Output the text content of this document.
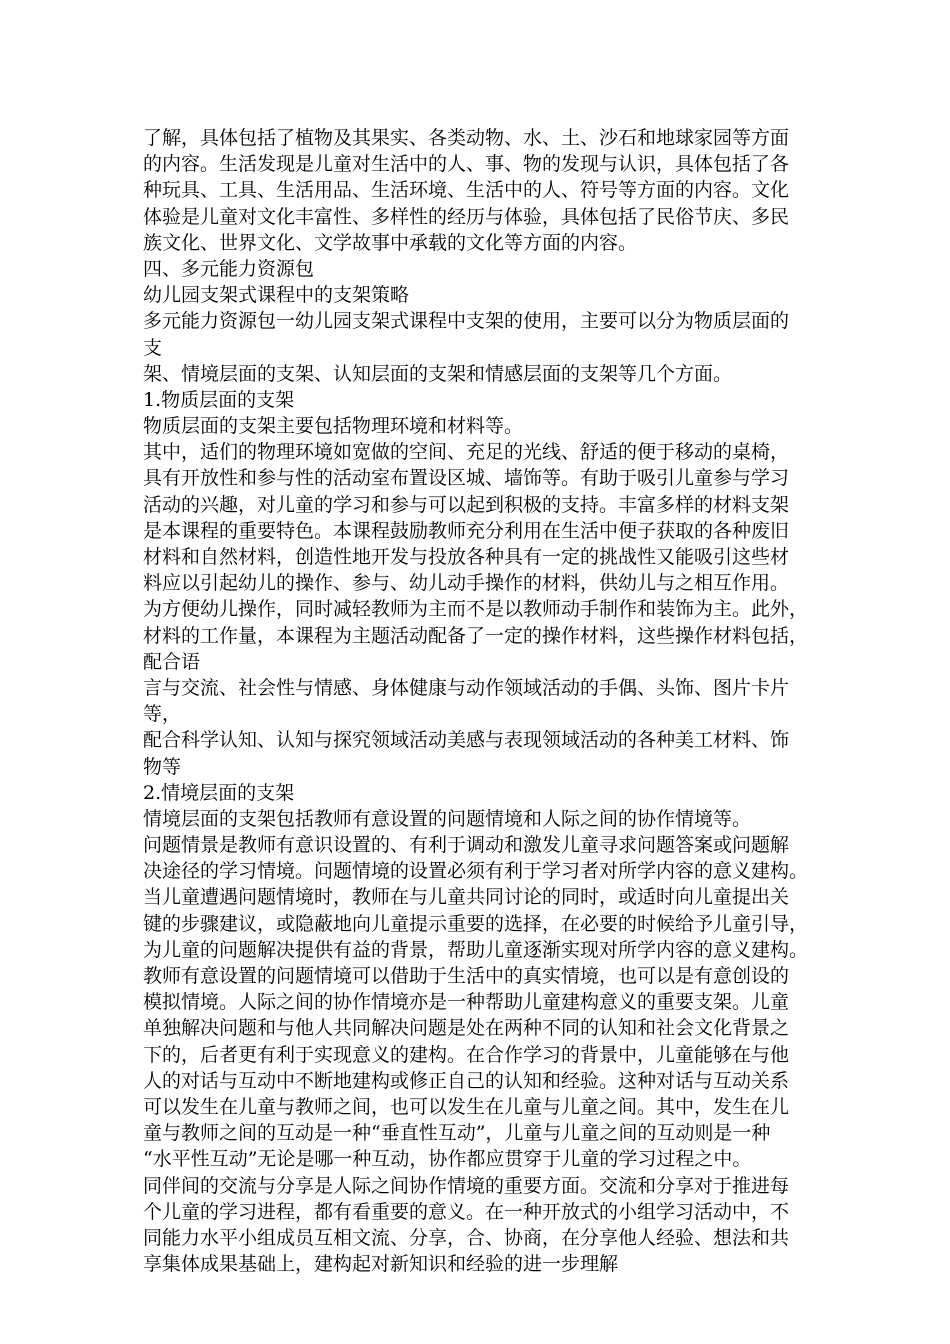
了解，具体包括了植物及其果实、各类动物、水、土、沙石和地球家园等方面
的内容。生活发现是儿童对生活中的人、事、物的发现与认识，具体包括了各
种玩具、工具、生活用品、生活环境、生活中的人、符号等方面的内容。文化
体验是儿童对文化丰富性、多样性的经历与体验，具体包括了民俗节庆、多民
族文化、世界文化、文学故事中承载的文化等方面的内容。
四、多元能力资源包
幼儿园支架式课程中的支架策略
多元能力资源包一幼儿园支架式课程中支架的使用，主要可以分为物质层面的
支
架、情境层面的支架、认知层面的支架和情感层面的支架等几个方面。
1.物质层面的支架
物质层面的支架主要包括物理环境和材料等。
其中，适们的物理环境如宽做的空间、充足的光线、舒适的便于移动的桌椅，
具有开放性和参与性的活动室布置设区城、墙饰等。有助于吸引儿童参与学习
活动的兴趣，对儿童的学习和参与可以起到积极的支持。丰富多样的材料支架
是本课程的重要特色。本课程鼓励教师充分利用在生活中便子获取的各种废旧
材料和自然材料，创造性地开发与投放各种具有一定的挑战性又能吸引这些材
料应以引起幼儿的操作、参与、幼儿动手操作的材料，供幼儿与之相互作用。
为方便幼儿操作，同时减轻教师为主而不是以教师动手制作和装饰为主。此外，
材料的工作量，本课程为主题活动配备了一定的操作材料，这些操作材料包括，
配合语
言与交流、社会性与情感、身体健康与动作领域活动的手偶、头饰、图片卡片
等，
配合科学认知、认知与探究领域活动美感与表现领域活动的各种美工材料、饰
物等
2.情境层面的支架
情境层面的支架包括教师有意设置的问题情境和人际之间的协作情境等。
问题情景是教师有意识设置的、有利于调动和激发儿童寻求问题答案或问题解
决途径的学习情境。问题情境的设置必须有利于学习者对所学内容的意义建构。
当儿童遭遇问题情境时，教师在与儿童共同讨论的同时，或适时向儿童提出关
键的步骤建议，或隐蔽地向儿童提示重要的选择，在必要的时候给予儿童引导，
为儿童的问题解决提供有益的背景，帮助儿童逐渐实现对所学内容的意义建构。
教师有意设置的问题情境可以借助于生活中的真实情境，也可以是有意创设的
模拟情境。人际之间的协作情境亦是一种帮助儿童建构意义的重要支架。儿童
单独解决问题和与他人共同解决问题是处在两种不同的认知和社会文化背景之
下的，后者更有利于实现意义的建构。在合作学习的背景中，儿童能够在与他
人的对话与互动中不断地建构或修正自己的认知和经验。这种对话与互动关系
可以发生在儿童与教师之间，也可以发生在儿童与儿童之间。其中，发生在儿
童与教师之间的互动是一种“垂直性互动”，儿童与儿童之间的互动则是一种
“水平性互动”无论是哪一种互动，协作都应贯穿于儿童的学习过程之中。
同伴间的交流与分享是人际之间协作情境的重要方面。交流和分享对于推进每
个儿童的学习进程，都有看重要的意义。在一种开放式的小组学习活动中，不
同能力水平小组成员互相文流、分享，合、协商，在分享他人经验、想法和共
享集体成果基础上，建构起对新知识和经验的进一步理解
